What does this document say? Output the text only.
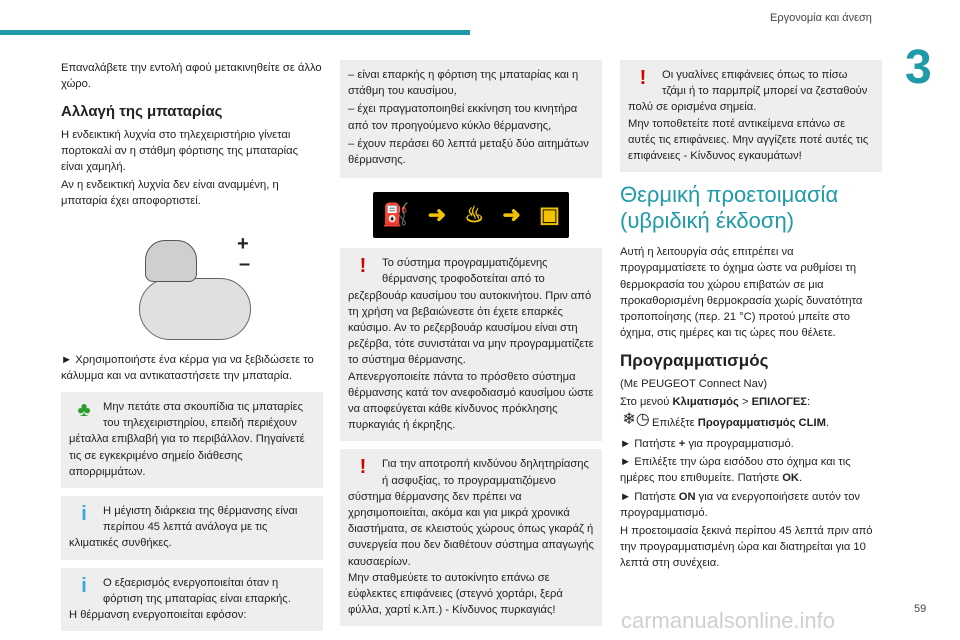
Εργονομία και άνεση
3

Επαναλάβετε την εντολή αφού μετακινηθείτε σε άλλο χώρο.

Αλλαγή της μπαταρίας

Η ενδεικτική λυχνία στο τηλεχειριστήριο γίνεται πορτοκαλί αν η στάθμη φόρτισης της μπαταρίας είναι χαμηλή.

Αν η ενδεικτική λυχνία δεν είναι αναμμένη, η μπαταρία έχει αποφορτιστεί.

+
–

► Χρησιμοποιήστε ένα κέρμα για να ξεβιδώσετε το κάλυμμα και να αντικαταστήσετε την μπαταρία.

♣	Μην πετάτε στα σκουπίδια τις μπαταρίες του τηλεχειριστηρίου, επειδή περιέχουν μέταλλα επιβλαβή για το περιβάλλον. Πηγαίνετέ τις σε εγκεκριμένο σημείο διάθεσης απορριμμάτων.
i	Η μέγιστη διάρκεια της θέρμανσης είναι περίπου 45 λεπτά ανάλογα με τις κλιματικές συνθήκες.
i	Ο εξαερισμός ενεργοποιείται όταν η φόρτιση της μπαταρίας είναι επαρκής.
Η θέρμανση ενεργοποιείται εφόσον:

– είναι επαρκής η φόρτιση της μπαταρίας και η στάθμη του καυσίμου,

– έχει πραγματοποιηθεί εκκίνηση του κινητήρα από τον προηγούμενο κύκλο θέρμανσης,

– έχουν περάσει 60 λεπτά μεταξύ δύο αιτημάτων θέρμανσης.

⛽ ➜ ♨ ➜ ▣
!	Το σύστημα προγραμματιζόμενης θέρμανσης τροφοδοτείται από το ρεζερβουάρ καυσίμου του αυτοκινήτου. Πριν από τη χρήση να βεβαιώνεστε ότι έχετε επαρκές καύσιμο. Αν το ρεζερβουάρ καυσίμου είναι στη ρεζέρβα, τότε συνιστάται να μην προγραμματίζετε το σύστημα θέρμανσης.
Απενεργοποιείτε πάντα το πρόσθετο σύστημα θέρμανσης κατά τον ανεφοδιασμό καυσίμου ώστε να αποφεύγεται κάθε κίνδυνος πρόκλησης πυρκαγιάς ή έκρηξης.
!	Για την αποτροπή κινδύνου δηλητηρίασης ή ασφυξίας, το προγραμματιζόμενο σύστημα θέρμανσης δεν πρέπει να χρησιμοποιείται, ακόμα και για μικρά χρονικά διαστήματα, σε κλειστούς χώρους όπως γκαράζ ή συνεργεία που δεν διαθέτουν σύστημα απαγωγής καυσαερίων.
Μην σταθμεύετε το αυτοκίνητο επάνω σε εύφλεκτες επιφάνειες (στεγνό χορτάρι, ξερά φύλλα, χαρτί κ.λπ.) - Κίνδυνος πυρκαγιάς!
!	Οι γυαλίνες επιφάνειες όπως το πίσω τζάμι ή το παρμπρίζ μπορεί να ζεσταθούν πολύ σε ορισμένα σημεία.
Μην τοποθετείτε ποτέ αντικείμενα επάνω σε αυτές τις επιφάνειες. Μην αγγίζετε ποτέ αυτές τις επιφάνειες - Κίνδυνος εγκαυμάτων!
Θερμική προετοιμασία (υβριδική έκδοση)

Αυτή η λειτουργία σάς επιτρέπει να προγραμματίσετε το όχημα ώστε να ρυθμίσει τη θερμοκρασία του χώρου επιβατών σε μια προκαθορισμένη θερμοκρασία χωρίς δυνατότητα τροποποίησης (περ. 21 °C) προτού μπείτε στο όχημα, στις ημέρες και τις ώρες που θέλετε.

Προγραμματισμός

(Με PEUGEOT Connect Nav)

Στο μενού Κλιματισμός > ΕΠΙΛΟΓΕΣ:

❄◷ Επιλέξτε Προγραμματισμός CLIM.

► Πατήστε + για προγραμματισμό.

► Επιλέξτε την ώρα εισόδου στο όχημα και τις ημέρες που επιθυμείτε. Πατήστε OK.

► Πατήστε ON για να ενεργοποιήσετε αυτόν τον προγραμματισμό.

Η προετοιμασία ξεκινά περίπου 45 λεπτά πριν από την προγραμματισμένη ώρα και διατηρείται για 10 λεπτά στη συνέχεια.

carmanualsonline.info	59
